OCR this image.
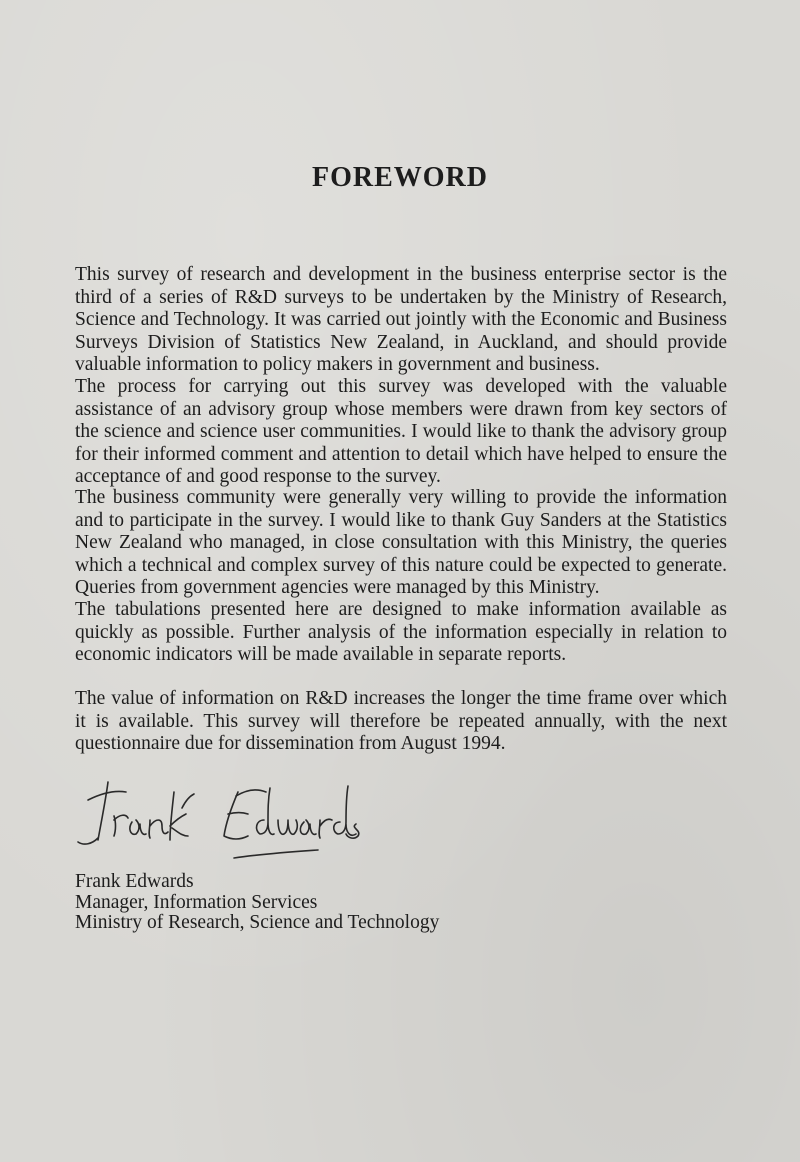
FOREWORD

This survey of research and development in the business enterprise sector is the third of a series of R&D surveys to be undertaken by the Ministry of Research, Science and Technology. It was carried out jointly with the Economic and Business Surveys Division of Statistics New Zealand, in Auckland, and should provide valuable information to policy makers in government and business.

The process for carrying out this survey was developed with the valuable assistance of an advisory group whose members were drawn from key sectors of the science and science user communities. I would like to thank the advisory group for their informed comment and attention to detail which have helped to ensure the acceptance of and good response to the survey.

The business community were generally very willing to provide the information and to participate in the survey. I would like to thank Guy Sanders at the Statistics New Zealand who managed, in close consultation with this Ministry, the queries which a technical and complex survey of this nature could be expected to generate. Queries from government agencies were managed by this Ministry.

The tabulations presented here are designed to make information available as quickly as possible. Further analysis of the information especially in relation to economic indicators will be made available in separate reports.

The value of information on R&D increases the longer the time frame over which it is available. This survey will therefore be repeated annually, with the next questionnaire due for dissemination from August 1994.

Frank Edwards
Manager, Information Services
Ministry of Research, Science and Technology
